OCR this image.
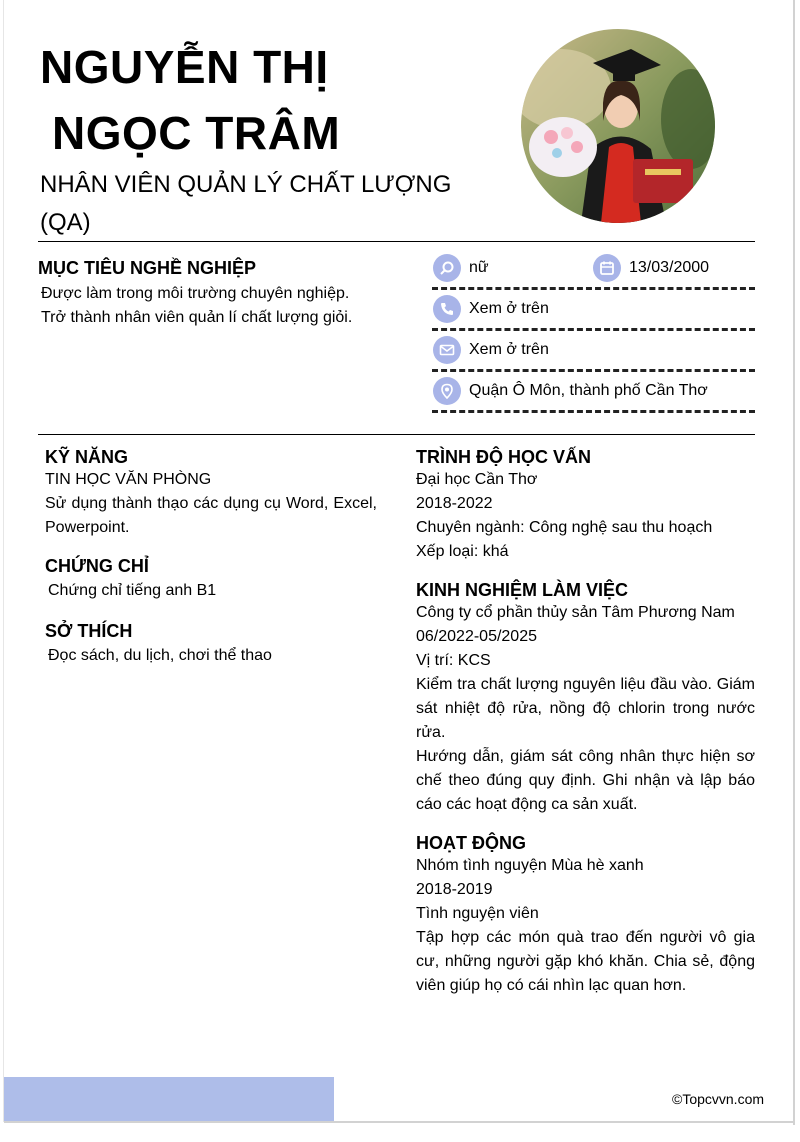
NGUYỄN THỊ
NGỌC TRÂM
NHÂN VIÊN QUẢN LÝ CHẤT LƯỢNG (QA)
MỤC TIÊU NGHỀ NGHIỆP
Được làm trong môi trường chuyên nghiệp.
Trở thành nhân viên quản lí chất lượng giỏi.
nữ	13/03/2000
Xem ở trên
Xem ở trên
Quận Ô Môn, thành phố Cần Thơ
KỸ NĂNG
TIN HỌC VĂN PHÒNG
Sử dụng thành thạo các dụng cụ Word, Excel, Powerpoint.
CHỨNG CHỈ
Chứng chỉ tiếng anh B1
SỞ THÍCH
Đọc sách, du lịch, chơi thể thao
TRÌNH ĐỘ HỌC VẤN
Đại học Cần Thơ
2018-2022
Chuyên ngành: Công nghệ sau thu hoạch
Xếp loại: khá
KINH NGHIỆM LÀM VIỆC
Công ty cổ phần thủy sản Tâm Phương Nam
06/2022-05/2025
Vị trí: KCS
Kiểm tra chất lượng nguyên liệu đầu vào. Giám sát nhiệt độ rửa, nồng độ chlorin trong nước rửa.
Hướng dẫn, giám sát công nhân thực hiện sơ chế theo đúng quy định. Ghi nhận và lập báo cáo các hoạt động ca sản xuất.
HOẠT ĐỘNG
Nhóm tình nguyện Mùa hè xanh
2018-2019
Tình nguyện viên
Tập hợp các món quà trao đến người vô gia cư, những người gặp khó khăn. Chia sẻ, động viên giúp họ có cái nhìn lạc quan hơn.
©Topcvvn.com
